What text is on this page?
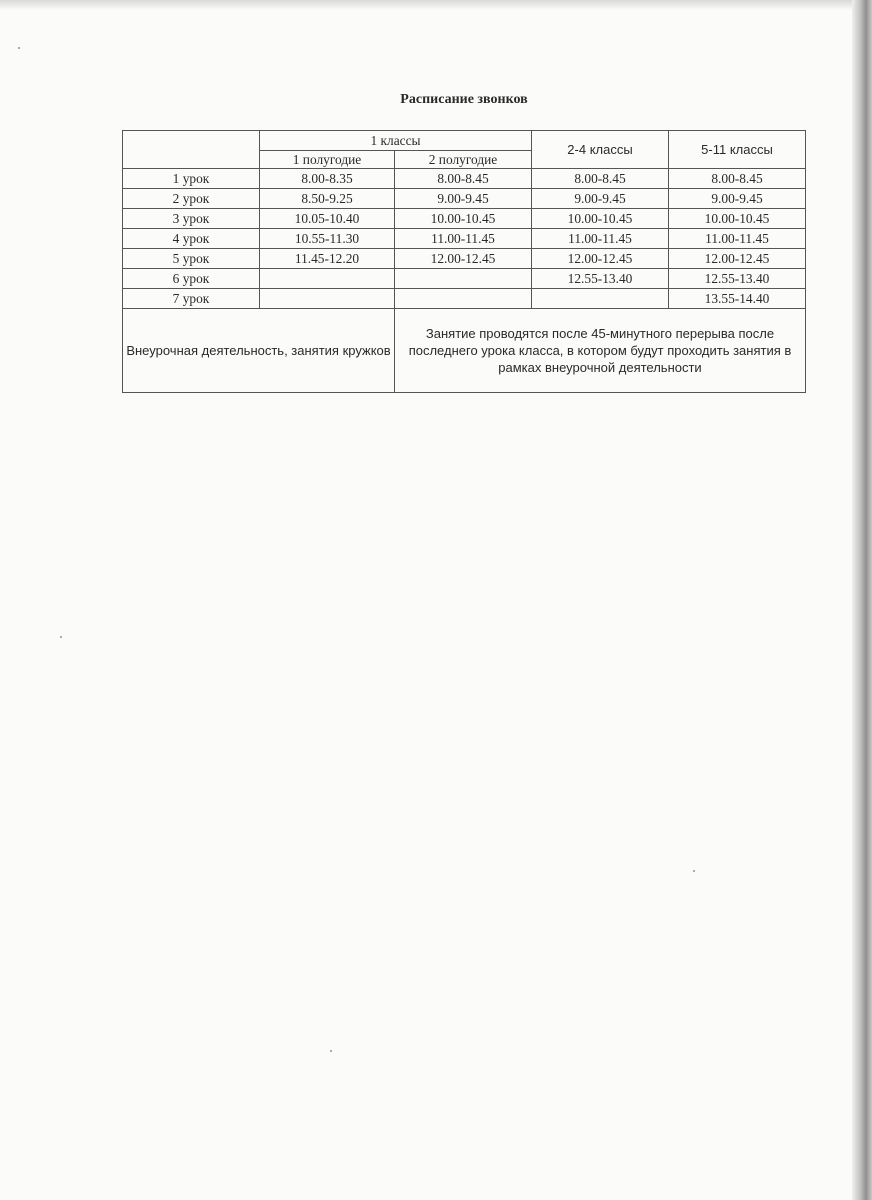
Расписание звонков
	1 классы		2-4 классы	5-11 классы
	1 полугодие	2 полугодие		
1 урок	8.00-8.35	8.00-8.45	8.00-8.45	8.00-8.45
2 урок	8.50-9.25	9.00-9.45	9.00-9.45	9.00-9.45
3 урок	10.05-10.40	10.00-10.45	10.00-10.45	10.00-10.45
4 урок	10.55-11.30	11.00-11.45	11.00-11.45	11.00-11.45
5 урок	11.45-12.20	12.00-12.45	12.00-12.45	12.00-12.45
6 урок			12.55-13.40	12.55-13.40
7 урок				13.55-14.40
Внеурочная деятельность, занятия кружков		Занятие проводятся после 45-минутного перерыва после последнего урока класса, в котором будут проходить занятия в рамках внеурочной деятельности		
